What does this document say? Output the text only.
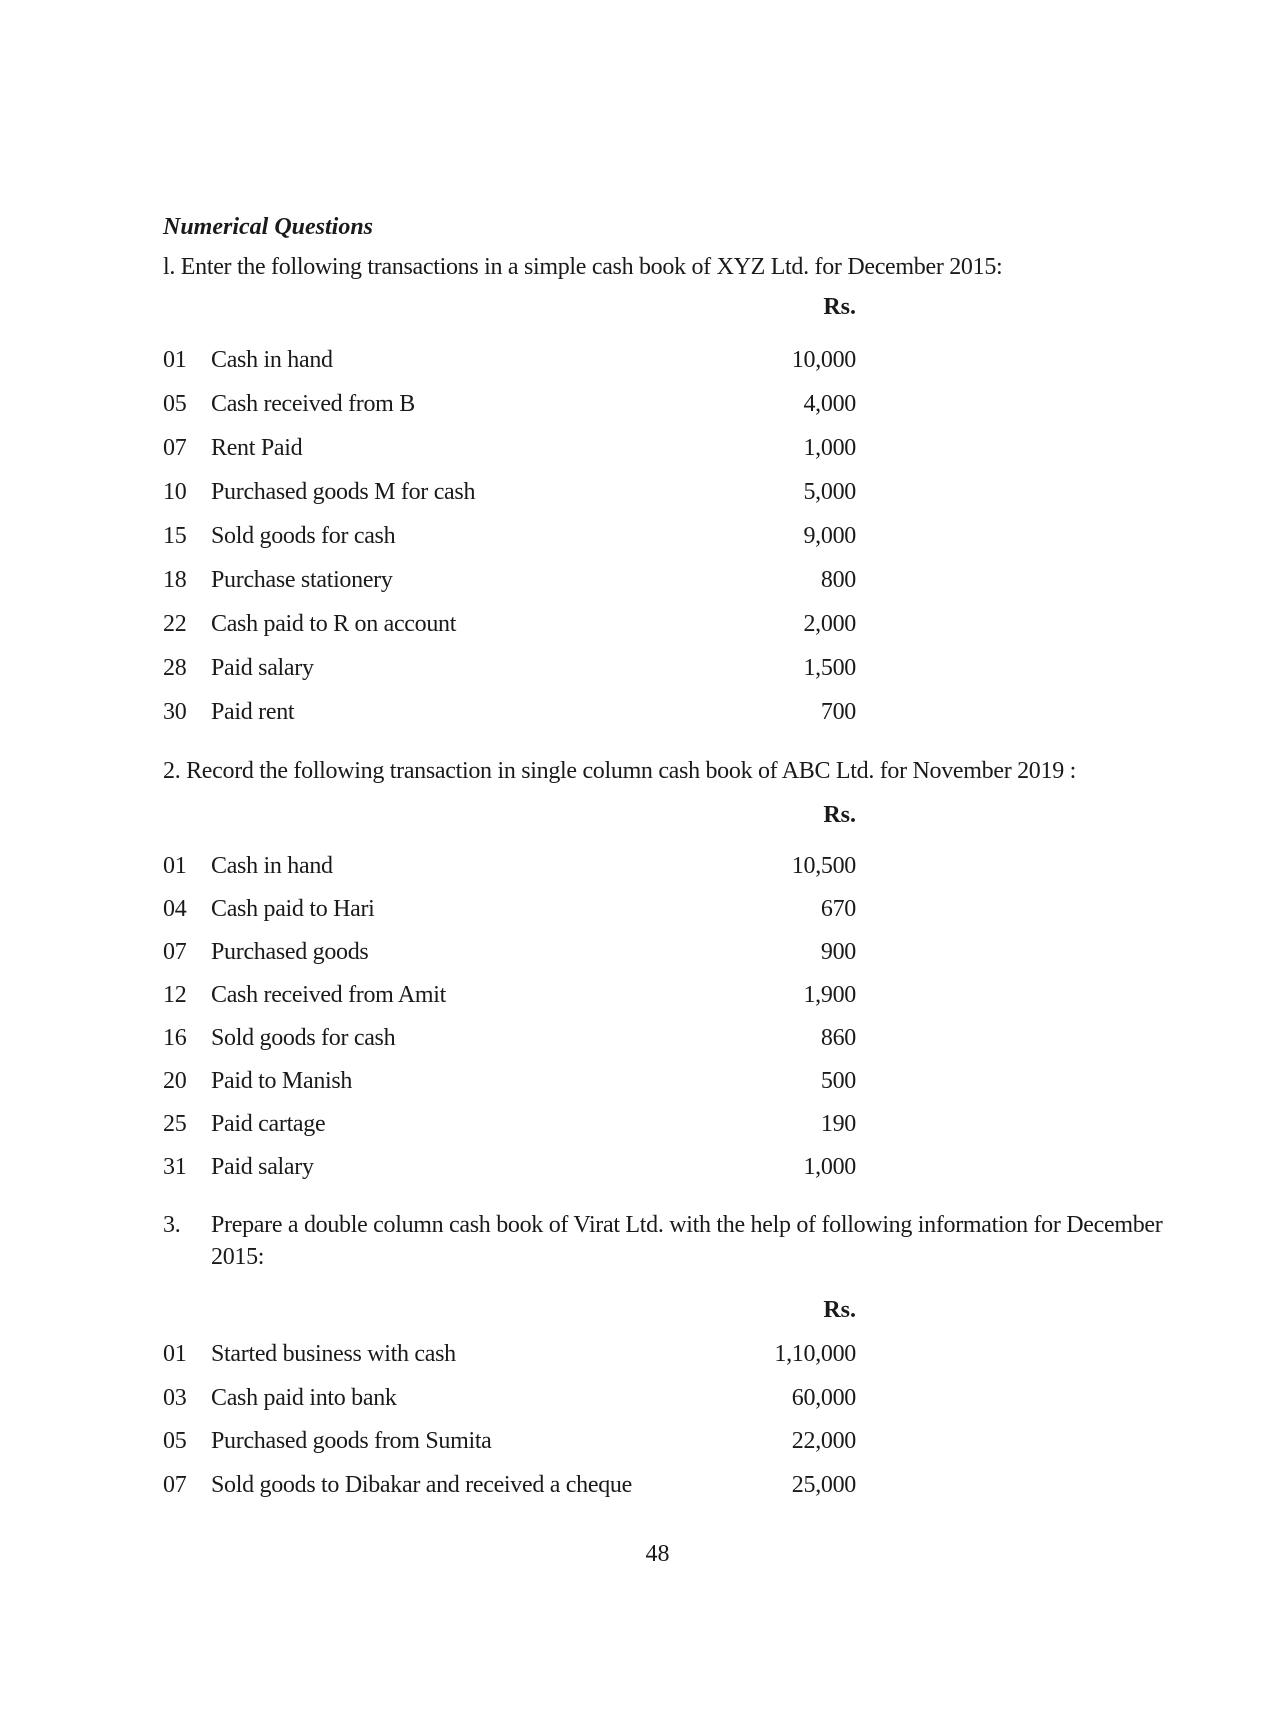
Numerical Questions
l. Enter the following transactions in a simple cash book of XYZ Ltd. for December 2015:
Rs.
01 Cash in hand	10,000
05 Cash received from B	4,000
07 Rent Paid	1,000
10 Purchased goods M for cash	5,000
15 Sold goods for cash	9,000
18 Purchase stationery	800
22 Cash paid to R on account	2,000
28 Paid salary	1,500
30 Paid rent	700
2. Record the following transaction in single column cash book of ABC Ltd. for November 2019 :
Rs.
01 Cash in hand	10,500
04 Cash paid to Hari	670
07 Purchased goods	900
12 Cash received from Amit	1,900
16 Sold goods for cash	860
20 Paid to Manish	500
25 Paid cartage	190
31 Paid salary	1,000
3. Prepare a double column cash book of Virat Ltd. with the help of following information for December 2015:
Rs.
01 Started business with cash	1,10,000
03 Cash paid into bank	60,000
05 Purchased goods from Sumita	22,000
07 Sold goods to Dibakar and received a cheque	25,000
48
